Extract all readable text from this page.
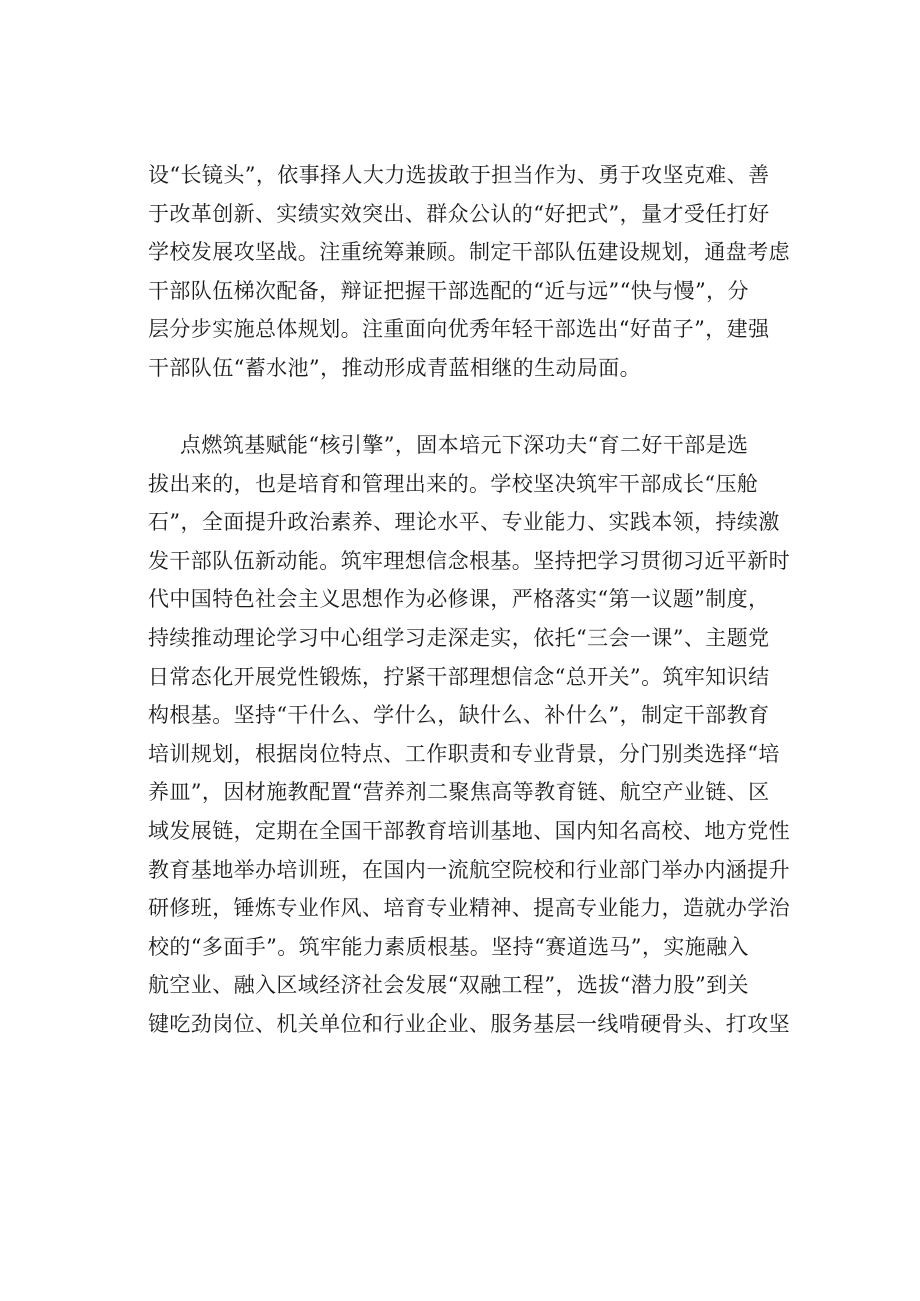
设“长镜头”，依事择人大力选拔敢于担当作为、勇于攻坚克难、善
于改革创新、实绩实效突出、群众公认的“好把式”，量才受任打好
学校发展攻坚战。注重统筹兼顾。制定干部队伍建设规划，通盘考虑
干部队伍梯次配备，辩证把握干部选配的“近与远”“快与慢”，分
层分步实施总体规划。注重面向优秀年轻干部选出“好苗子”，建强
干部队伍“蓄水池”，推动形成青蓝相继的生动局面。
点燃筑基赋能“核引擎”，固本培元下深功夫“育二好干部是选
拔出来的，也是培育和管理出来的。学校坚决筑牢干部成长“压舱
石”，全面提升政治素养、理论水平、专业能力、实践本领，持续激
发干部队伍新动能。筑牢理想信念根基。坚持把学习贯彻习近平新时
代中国特色社会主义思想作为必修课，严格落实“第一议题”制度，
持续推动理论学习中心组学习走深走实，依托“三会一课”、主题党
日常态化开展党性锻炼，拧紧干部理想信念“总开关”。筑牢知识结
构根基。坚持“干什么、学什么，缺什么、补什么”，制定干部教育
培训规划，根据岗位特点、工作职责和专业背景，分门别类选择“培
养皿”，因材施教配置“营养剂二聚焦高等教育链、航空产业链、区
域发展链，定期在全国干部教育培训基地、国内知名高校、地方党性
教育基地举办培训班，在国内一流航空院校和行业部门举办内涵提升
研修班，锤炼专业作风、培育专业精神、提高专业能力，造就办学治
校的“多面手”。筑牢能力素质根基。坚持“赛道选马”，实施融入
航空业、融入区域经济社会发展“双融工程”，选拔“潜力股”到关
键吃劲岗位、机关单位和行业企业、服务基层一线啃硬骨头、打攻坚
